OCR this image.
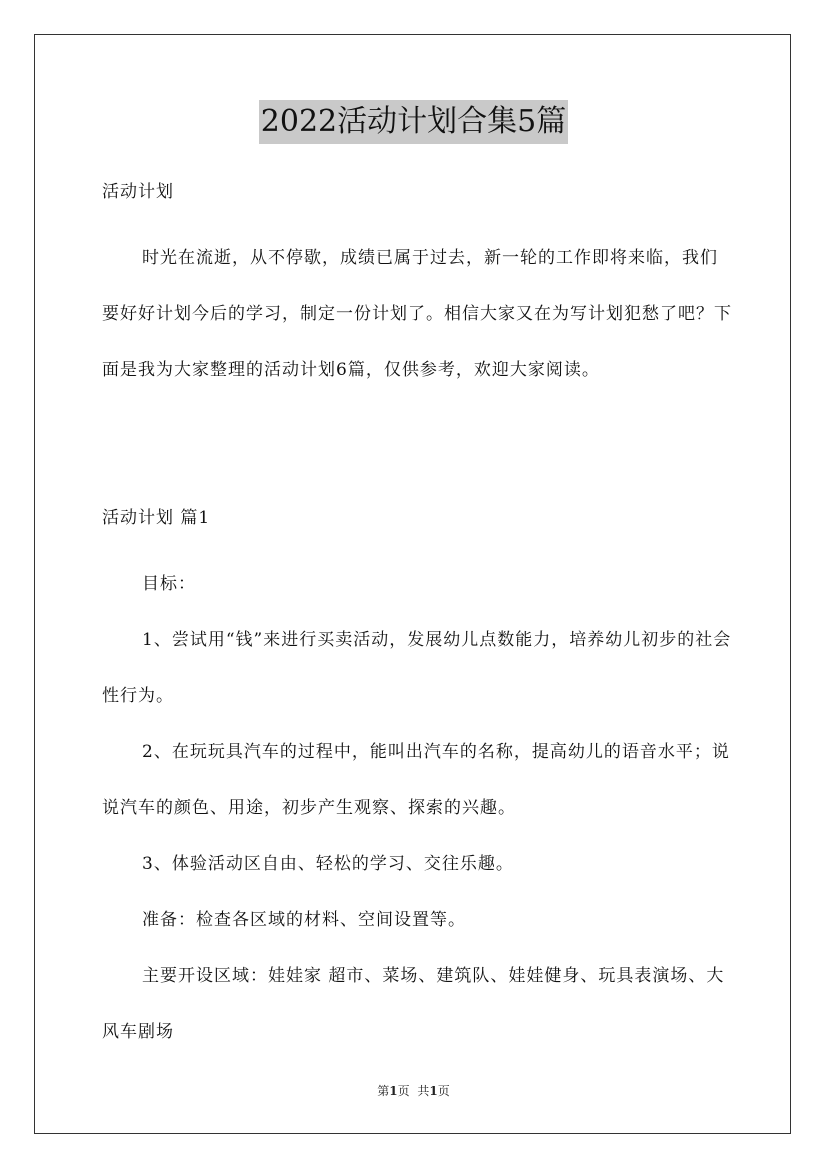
2022活动计划合集5篇
活动计划
时光在流逝，从不停歇，成绩已属于过去，新一轮的工作即将来临，我们要好好计划今后的学习，制定一份计划了。相信大家又在为写计划犯愁了吧？下面是我为大家整理的活动计划6篇，仅供参考，欢迎大家阅读。
活动计划 篇1
目标：
1、尝试用“钱”来进行买卖活动，发展幼儿点数能力，培养幼儿初步的社会性行为。
2、在玩玩具汽车的过程中，能叫出汽车的名称，提高幼儿的语音水平；说说汽车的颜色、用途，初步产生观察、探索的兴趣。
3、体验活动区自由、轻松的学习、交往乐趣。
准备：检查各区域的材料、空间设置等。
主要开设区域：娃娃家 超市、菜场、建筑队、娃娃健身、玩具表演场、大风车剧场
第1页 共1页
